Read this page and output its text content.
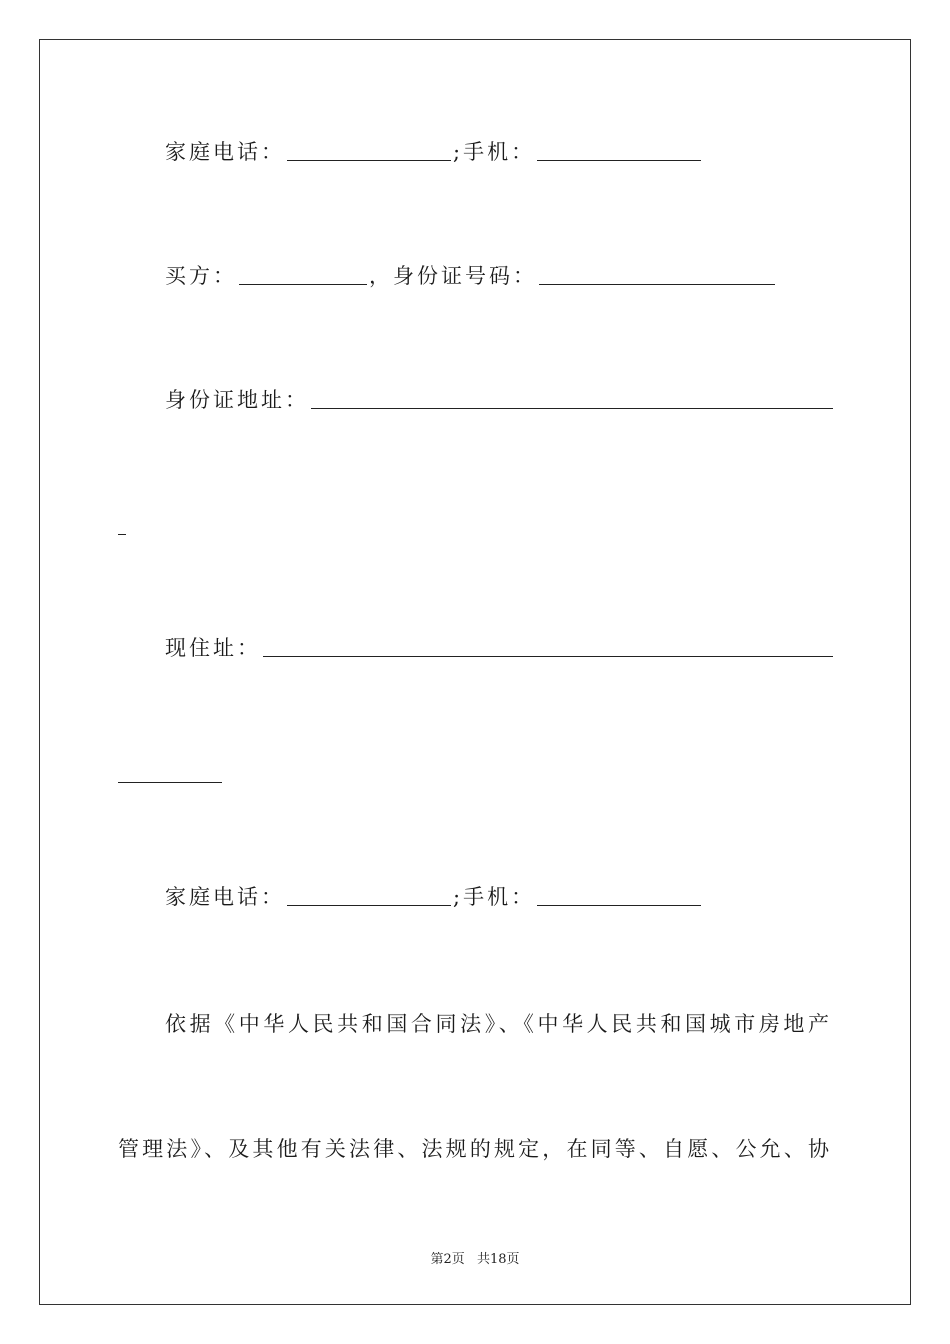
家庭电话：	;手机：
买方：	，身份证号码：
身份证地址：
现住址：
家庭电话：	;手机：
依据《中华人民共和国合同法》、《中华人民共和国城市房地产
管理法》、及其他有关法律、法规的规定，在同等、自愿、公允、协
第2页 共18页
